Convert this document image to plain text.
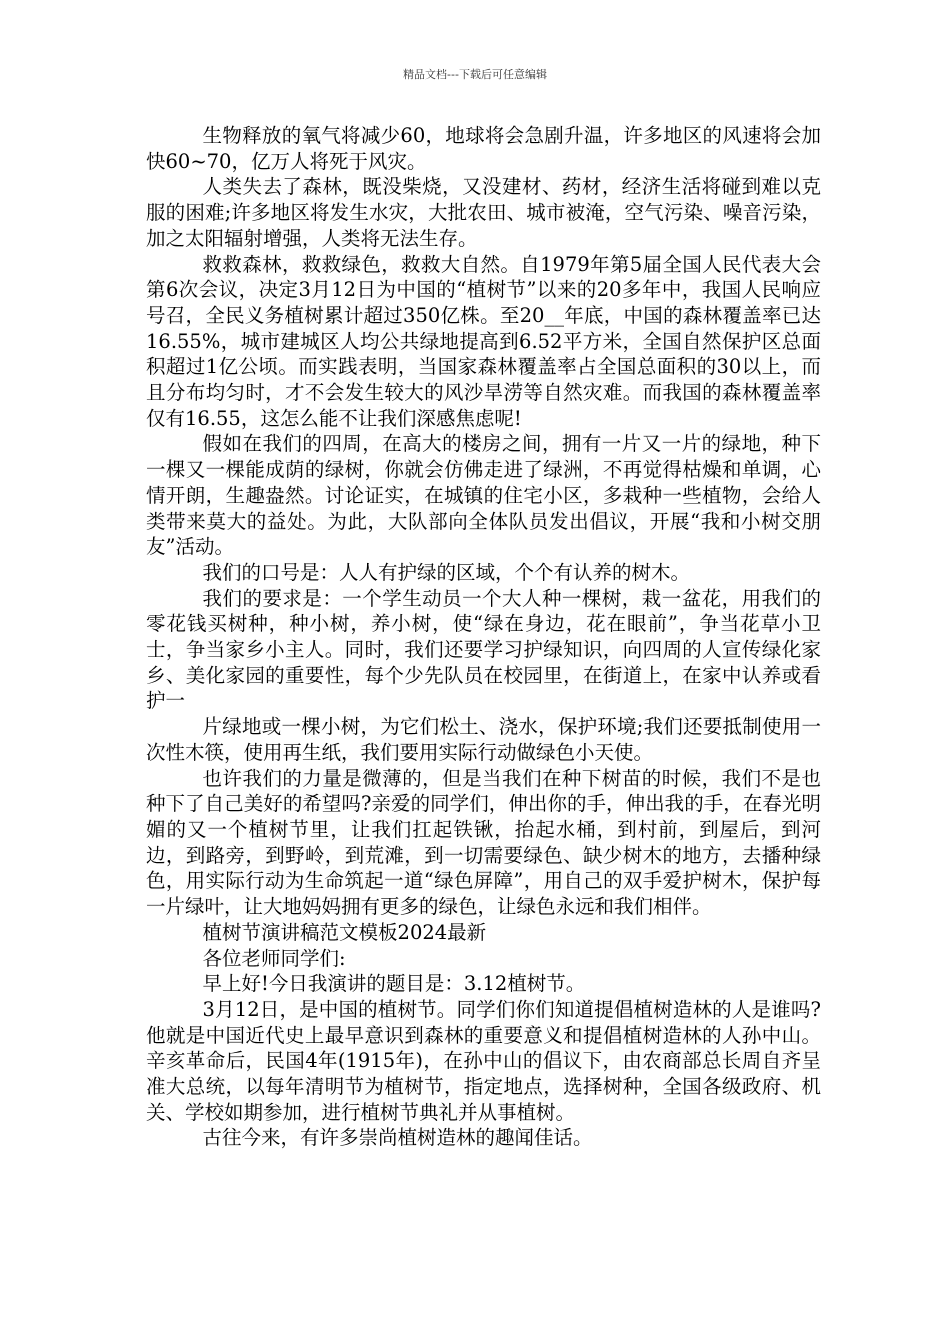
精品文档---下载后可任意编辑

生物释放的氧气将减少60，地球将会急剧升温，许多地区的风速将会加快60~70，亿万人将死于风灾。

人类失去了森林，既没柴烧，又没建材、药材，经济生活将碰到难以克服的困难;许多地区将发生水灾，大批农田、城市被淹，空气污染、噪音污染，加之太阳辐射增强，人类将无法生存。

救救森林，救救绿色，救救大自然。自1979年第5届全国人民代表大会第6次会议，决定3月12日为中国的“植树节”以来的20多年中，我国人民响应号召，全民义务植树累计超过350亿株。至20__年底，中国的森林覆盖率已达16.55%，城市建城区人均公共绿地提高到6.52平方米，全国自然保护区总面积超过1亿公顷。而实践表明，当国家森林覆盖率占全国总面积的30以上，而且分布均匀时，才不会发生较大的风沙旱涝等自然灾难。而我国的森林覆盖率仅有16.55，这怎么能不让我们深感焦虑呢!

假如在我们的四周，在高大的楼房之间，拥有一片又一片的绿地，种下一棵又一棵能成荫的绿树，你就会仿佛走进了绿洲，不再觉得枯燥和单调，心情开朗，生趣盎然。讨论证实，在城镇的住宅小区，多栽种一些植物，会给人类带来莫大的益处。为此，大队部向全体队员发出倡议，开展“我和小树交朋友”活动。

我们的口号是：人人有护绿的区域，个个有认养的树木。

我们的要求是：一个学生动员一个大人种一棵树，栽一盆花，用我们的零花钱买树种，种小树，养小树，使“绿在身边，花在眼前”，争当花草小卫士，争当家乡小主人。同时，我们还要学习护绿知识，向四周的人宣传绿化家乡、美化家园的重要性，每个少先队员在校园里，在街道上，在家中认养或看护一

片绿地或一棵小树，为它们松土、浇水，保护环境;我们还要抵制使用一次性木筷，使用再生纸，我们要用实际行动做绿色小天使。

也许我们的力量是微薄的，但是当我们在种下树苗的时候，我们不是也种下了自己美好的希望吗?亲爱的同学们，伸出你的手，伸出我的手，在春光明媚的又一个植树节里，让我们扛起铁锹，抬起水桶，到村前，到屋后，到河边，到路旁，到野岭，到荒滩，到一切需要绿色、缺少树木的地方，去播种绿色，用实际行动为生命筑起一道“绿色屏障”，用自己的双手爱护树木，保护每一片绿叶，让大地妈妈拥有更多的绿色，让绿色永远和我们相伴。

植树节演讲稿范文模板2024最新

各位老师同学们:

早上好!今日我演讲的题目是：3.12植树节。

3月12日，是中国的植树节。同学们你们知道提倡植树造林的人是谁吗?他就是中国近代史上最早意识到森林的重要意义和提倡植树造林的人孙中山。辛亥革命后，民国4年(1915年)，在孙中山的倡议下，由农商部总长周自齐呈准大总统，以每年清明节为植树节，指定地点，选择树种，全国各级政府、机关、学校如期参加，进行植树节典礼并从事植树。

古往今来，有许多崇尚植树造林的趣闻佳话。
